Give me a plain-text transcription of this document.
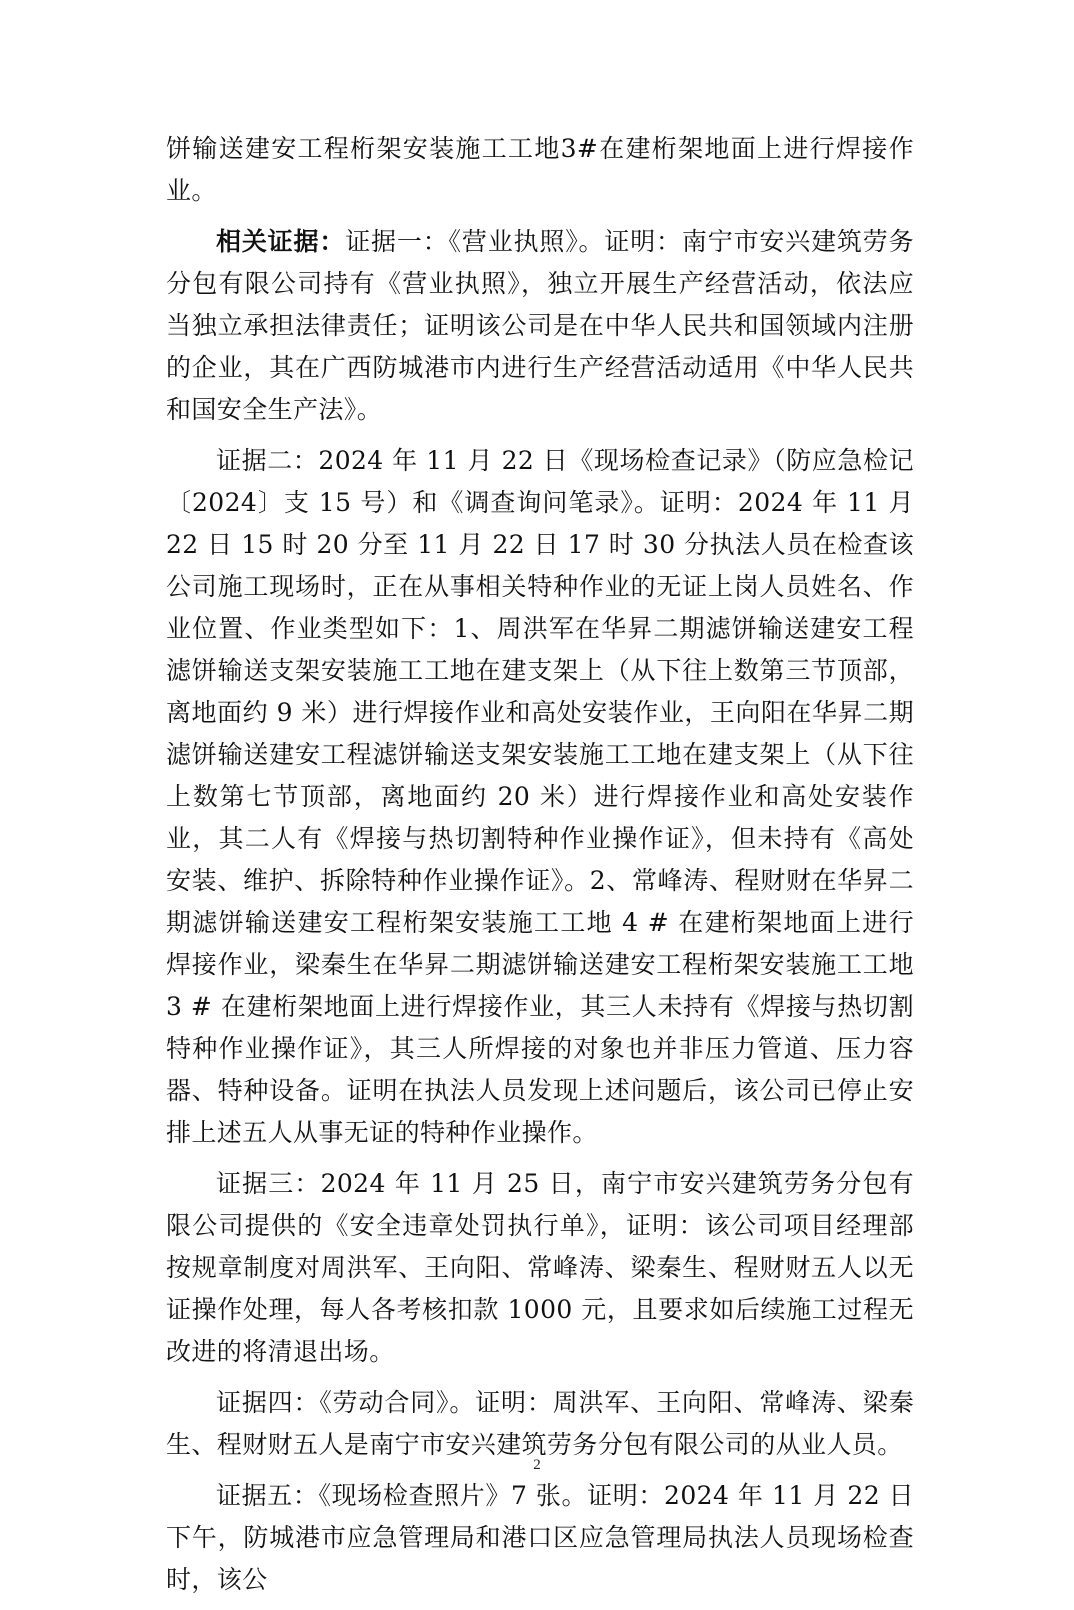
饼输送建安工程桁架安装施工工地3#在建桁架地面上进行焊接作业。

相关证据：证据一：《营业执照》。证明：南宁市安兴建筑劳务分包有限公司持有《营业执照》，独立开展生产经营活动，依法应当独立承担法律责任；证明该公司是在中华人民共和国领域内注册的企业，其在广西防城港市内进行生产经营活动适用《中华人民共和国安全生产法》。

证据二：2024 年 11 月 22 日《现场检查记录》（防应急检记〔2024〕支 15 号）和《调查询问笔录》。证明：2024 年 11 月 22 日 15 时 20 分至 11 月 22 日 17 时 30 分执法人员在检查该公司施工现场时，正在从事相关特种作业的无证上岗人员姓名、作业位置、作业类型如下：1、周洪军在华昇二期滤饼输送建安工程滤饼输送支架安装施工工地在建支架上（从下往上数第三节顶部，离地面约 9 米）进行焊接作业和高处安装作业，王向阳在华昇二期滤饼输送建安工程滤饼输送支架安装施工工地在建支架上（从下往上数第七节顶部，离地面约 20 米）进行焊接作业和高处安装作业，其二人有《焊接与热切割特种作业操作证》，但未持有《高处安装、维护、拆除特种作业操作证》。2、常峰涛、程财财在华昇二期滤饼输送建安工程桁架安装施工工地 4 # 在建桁架地面上进行焊接作业，梁秦生在华昇二期滤饼输送建安工程桁架安装施工工地 3 # 在建桁架地面上进行焊接作业，其三人未持有《焊接与热切割特种作业操作证》，其三人所焊接的对象也并非压力管道、压力容器、特种设备。证明在执法人员发现上述问题后，该公司已停止安排上述五人从事无证的特种作业操作。

证据三：2024 年 11 月 25 日，南宁市安兴建筑劳务分包有限公司提供的《安全违章处罚执行单》，证明：该公司项目经理部按规章制度对周洪军、王向阳、常峰涛、梁秦生、程财财五人以无证操作处理，每人各考核扣款 1000 元，且要求如后续施工过程无改进的将清退出场。

证据四：《劳动合同》。证明：周洪军、王向阳、常峰涛、梁秦生、程财财五人是南宁市安兴建筑劳务分包有限公司的从业人员。

证据五：《现场检查照片》7 张。证明：2024 年 11 月 22 日下午，防城港市应急管理局和港口区应急管理局执法人员现场检查时，该公

2
